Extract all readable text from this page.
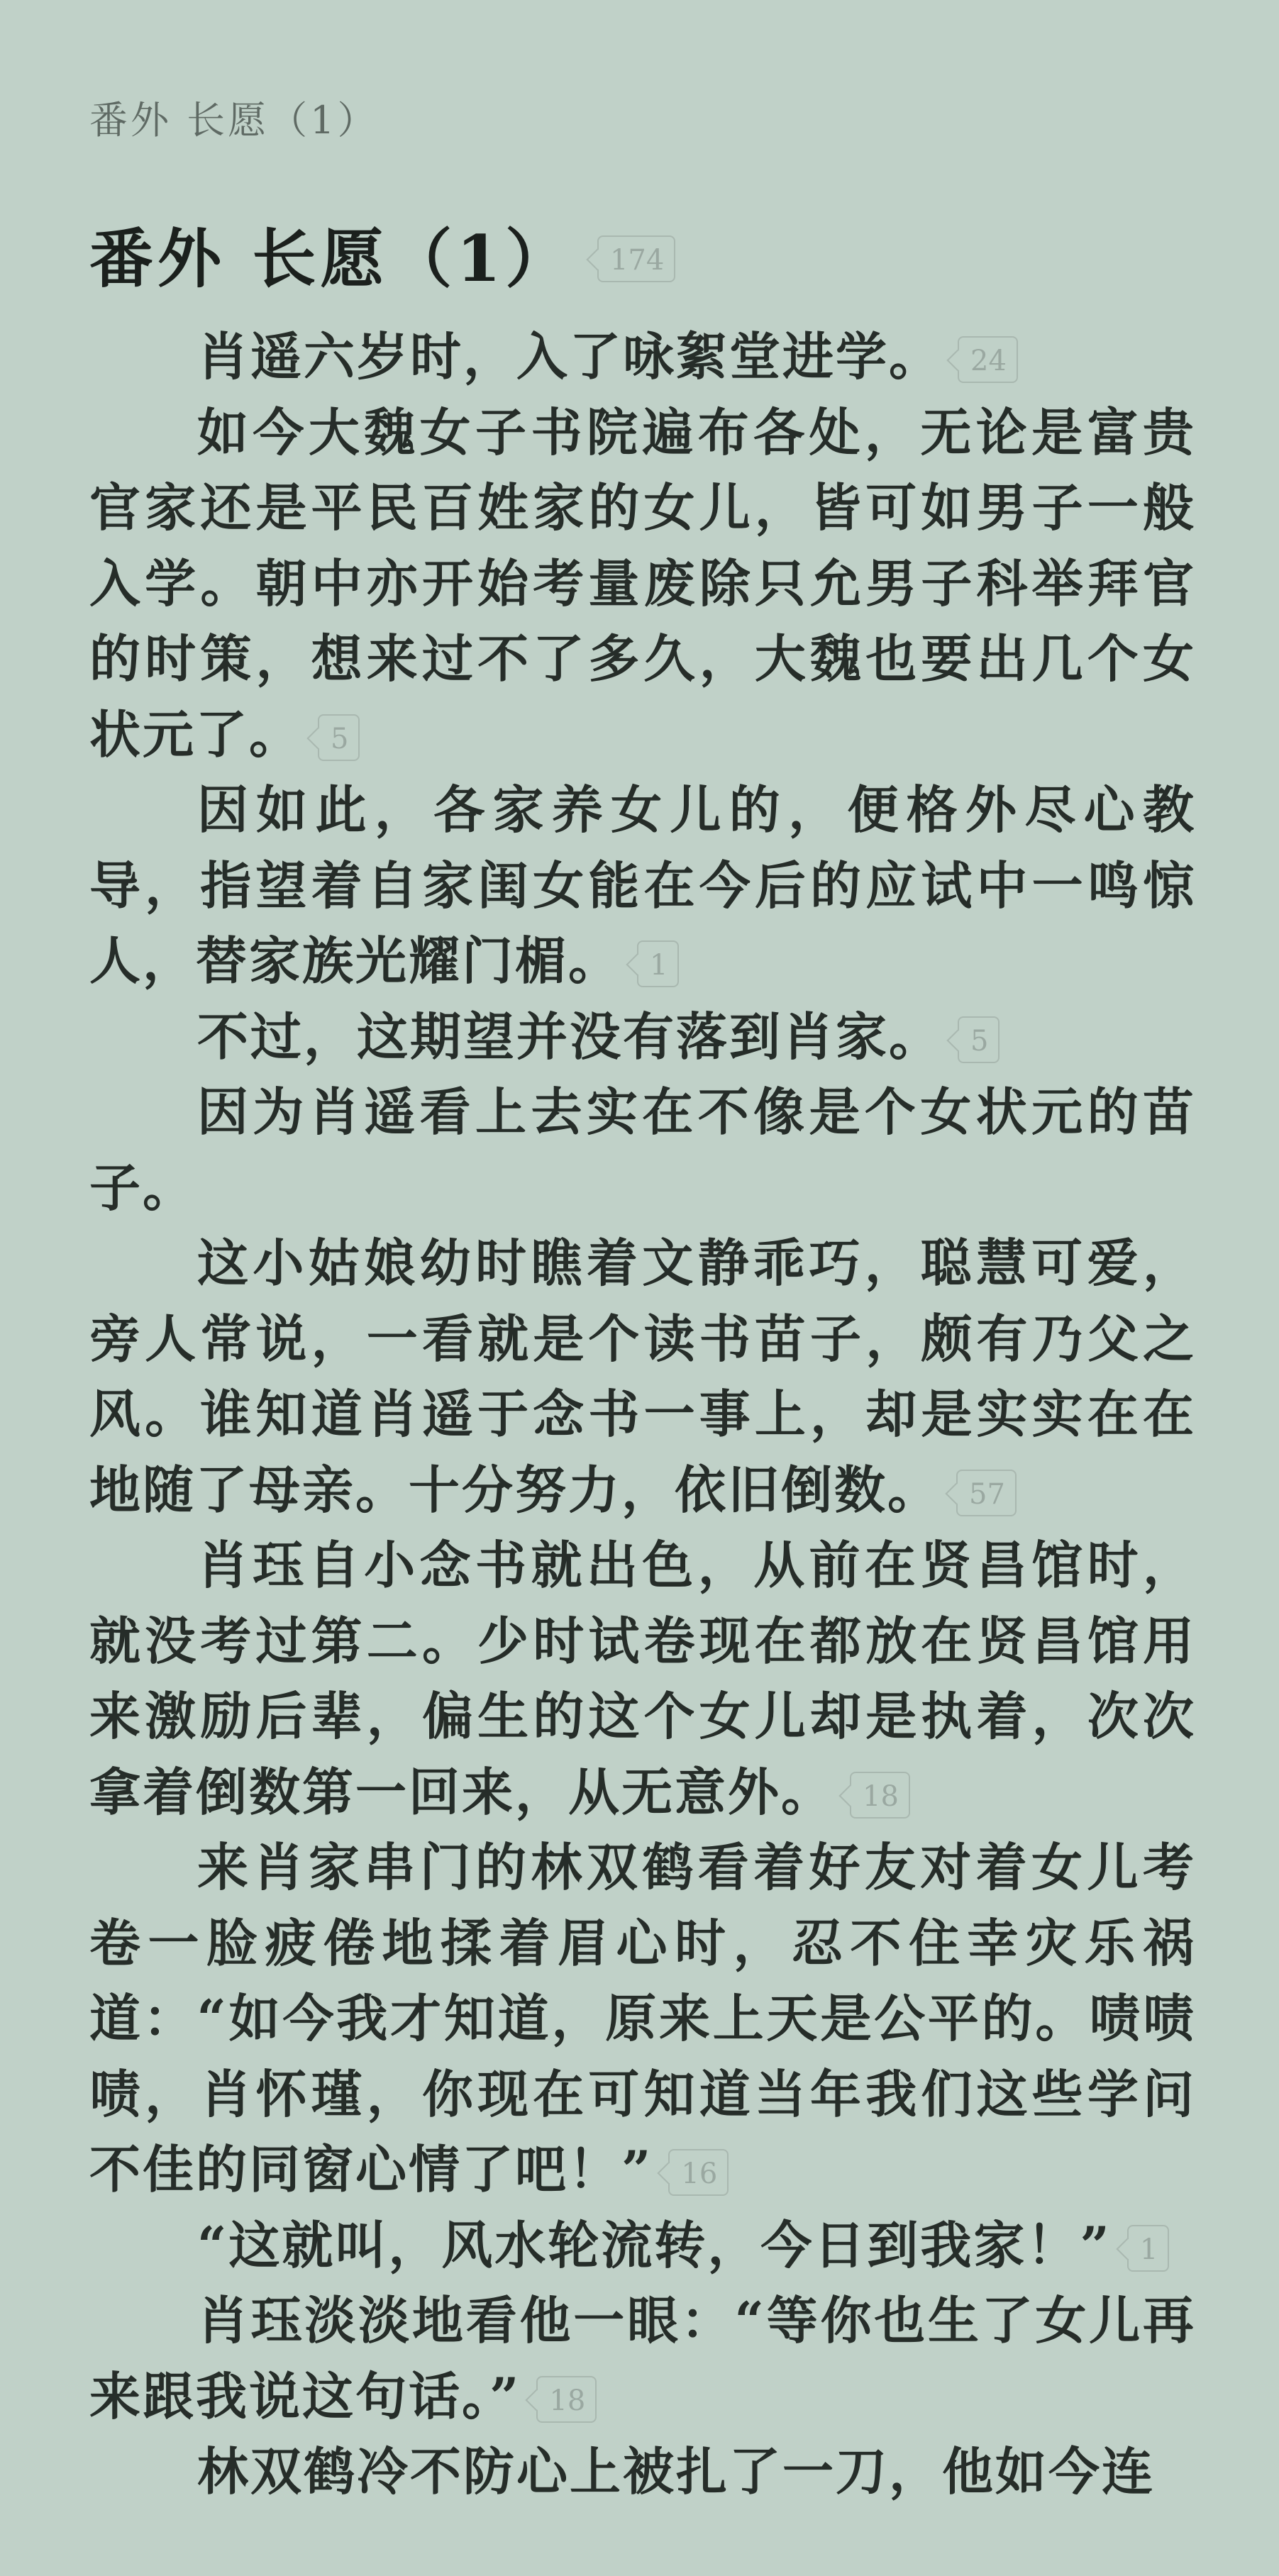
番外 长愿（1）
番外 长愿（1） 174

肖遥六岁时，入了咏絮堂进学。 24

如今大魏女子书院遍布各处，无论是富贵官家还是平民百姓家的女儿，皆可如男子一般入学。朝中亦开始考量废除只允男子科举拜官的时策，想来过不了多久，大魏也要出几个女状元了。 5

因如此，各家养女儿的，便格外尽心教导，指望着自家闺女能在今后的应试中一鸣惊人，替家族光耀门楣。 1

不过，这期望并没有落到肖家。 5

因为肖遥看上去实在不像是个女状元的苗子。

这小姑娘幼时瞧着文静乖巧，聪慧可爱，旁人常说，一看就是个读书苗子，颇有乃父之风。谁知道肖遥于念书一事上，却是实实在在地随了母亲。十分努力，依旧倒数。 57

肖珏自小念书就出色，从前在贤昌馆时，就没考过第二。少时试卷现在都放在贤昌馆用来激励后辈，偏生的这个女儿却是执着，次次拿着倒数第一回来，从无意外。 18

来肖家串门的林双鹤看着好友对着女儿考卷一脸疲倦地揉着眉心时，忍不住幸灾乐祸道：“如今我才知道，原来上天是公平的。啧啧啧，肖怀瑾，你现在可知道当年我们这些学问不佳的同窗心情了吧！” 16

“这就叫，风水轮流转，今日到我家！” 1

肖珏淡淡地看他一眼：“等你也生了女儿再来跟我说这句话。” 18

林双鹤冷不防心上被扎了一刀，他如今连
